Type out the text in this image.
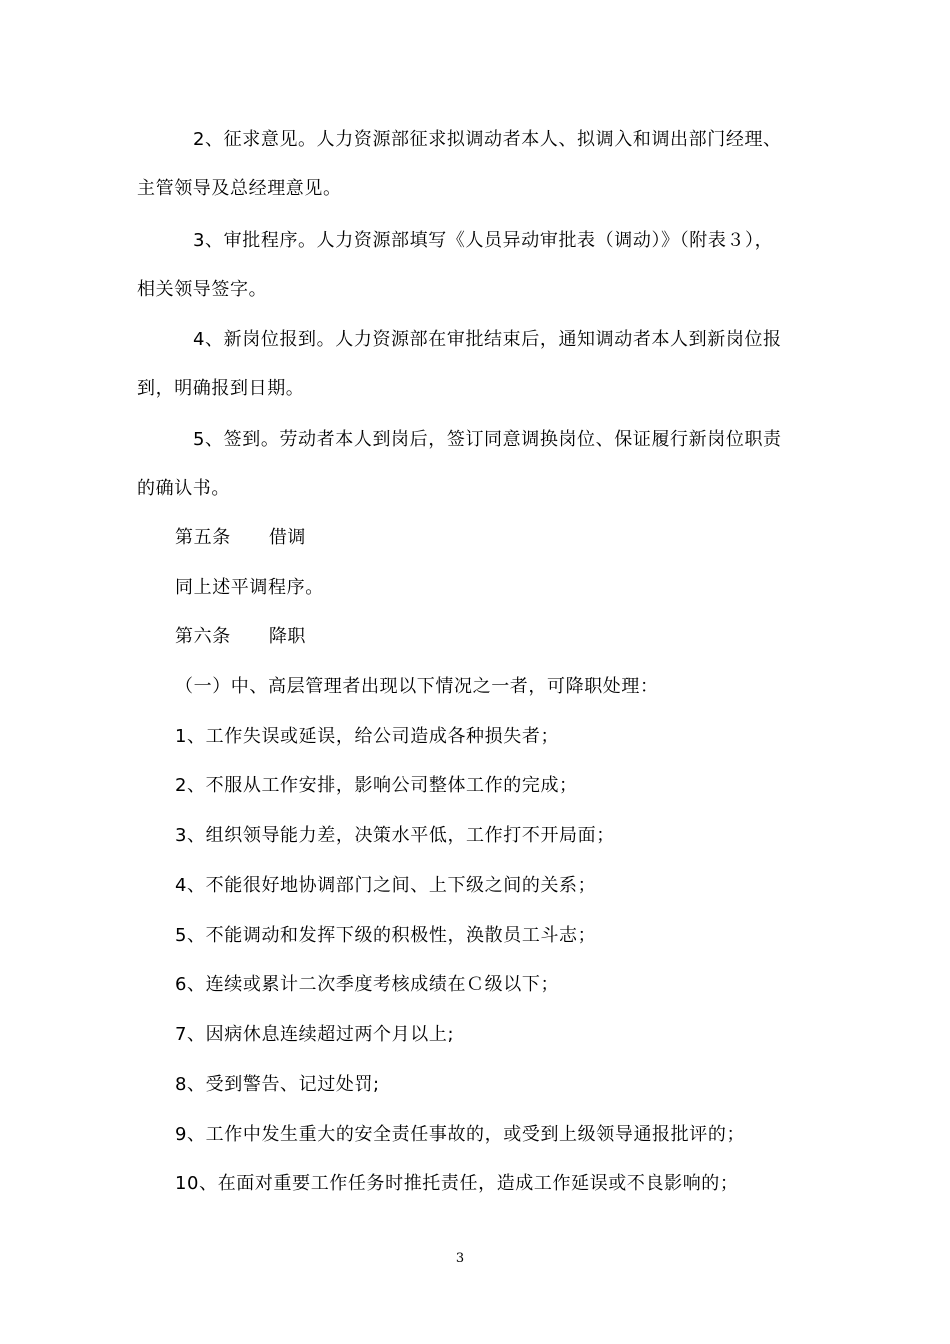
2、征求意见。人力资源部征求拟调动者本人、拟调入和调出部门经理、
主管领导及总经理意见。
3、审批程序。人力资源部填写《人员异动审批表（调动）》（附表３），
相关领导签字。
4、新岗位报到。人力资源部在审批结束后，通知调动者本人到新岗位报
到，明确报到日期。
5、签到。劳动者本人到岗后，签订同意调换岗位、保证履行新岗位职责
的确认书。
第五条 借调
同上述平调程序。
第六条 降职
（一）中、高层管理者出现以下情况之一者，可降职处理：
1、工作失误或延误，给公司造成各种损失者；
2、不服从工作安排，影响公司整体工作的完成；
3、组织领导能力差，决策水平低，工作打不开局面；
4、不能很好地协调部门之间、上下级之间的关系；
5、不能调动和发挥下级的积极性，涣散员工斗志；
6、连续或累计二次季度考核成绩在Ｃ级以下；
7、因病休息连续超过两个月以上;
8、受到警告、记过处罚;
9、工作中发生重大的安全责任事故的，或受到上级领导通报批评的；
10、在面对重要工作任务时推托责任，造成工作延误或不良影响的；
3
